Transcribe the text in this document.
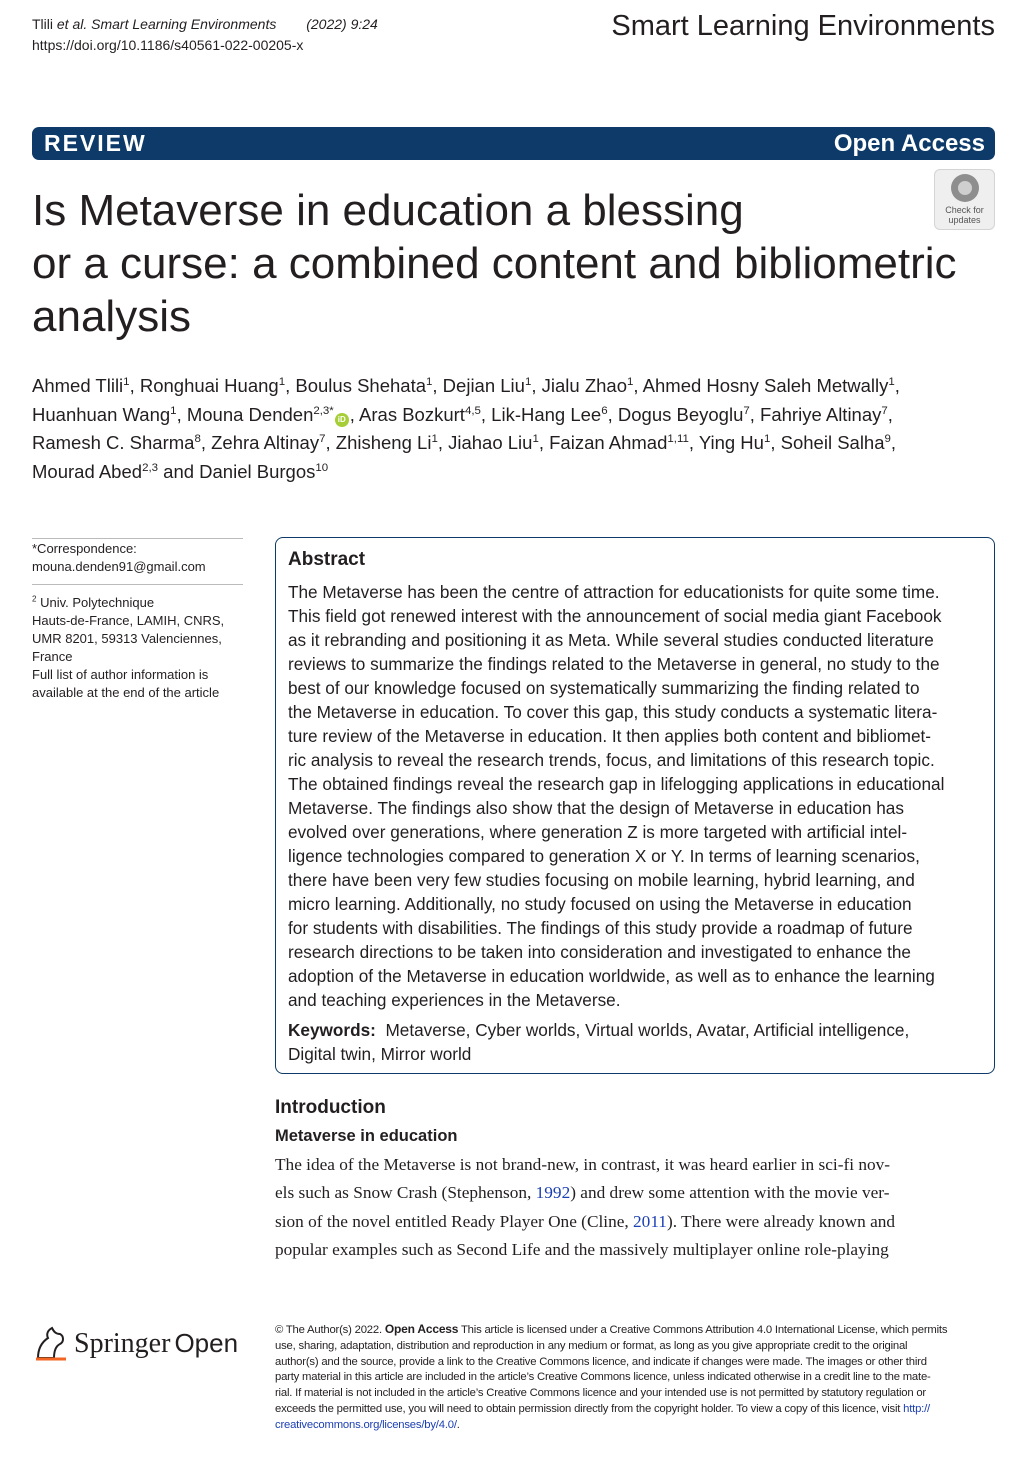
Tlili et al. Smart Learning Environments (2022) 9:24
https://doi.org/10.1186/s40561-022-00205-x
Smart Learning Environments
REVIEW	Open Access
Is Metaverse in education a blessing
or a curse: a combined content and bibliometric
analysis
Check for
updates
Ahmed Tlili$^1$, Ronghuai Huang$^1$, Boulus Shehata$^1$, Dejian Liu$^1$, Jialu Zhao$^1$, Ahmed Hosny Saleh Metwally$^1$,
Huanhuan Wang$^1$, Mouna Denden$^{2,3*}$iD , Aras Bozkurt$^{4,5}$, Lik-Hang Lee$^6$, Dogus Beyoglu$^7$, Fahriye Altinay$^7$,
Ramesh C. Sharma$^8$, Zehra Altinay$^7$, Zhisheng Li$^1$, Jiahao Liu$^1$, Faizan Ahmad$^{1,11}$, Ying Hu$^1$, Soheil Salha$^9$,
Mourad Abed$^{2,3}$ and Daniel Burgos$^{10}$
*Correspondence:
mouna.denden91@gmail.com
$^2$ Univ. Polytechnique
Hauts-de-France, LAMIH, CNRS,
UMR 8201, 59313 Valenciennes,
France
Full list of author information is
available at the end of the article
Abstract
The Metaverse has been the centre of attraction for educationists for quite some time.
This field got renewed interest with the announcement of social media giant Facebook
as it rebranding and positioning it as Meta. While several studies conducted literature
reviews to summarize the findings related to the Metaverse in general, no study to the
best of our knowledge focused on systematically summarizing the finding related to
the Metaverse in education. To cover this gap, this study conducts a systematic litera-
ture review of the Metaverse in education. It then applies both content and bibliomet-
ric analysis to reveal the research trends, focus, and limitations of this research topic.
The obtained findings reveal the research gap in lifelogging applications in educational
Metaverse. The findings also show that the design of Metaverse in education has
evolved over generations, where generation Z is more targeted with artificial intel-
ligence technologies compared to generation X or Y. In terms of learning scenarios,
there have been very few studies focusing on mobile learning, hybrid learning, and
micro learning. Additionally, no study focused on using the Metaverse in education
for students with disabilities. The findings of this study provide a roadmap of future
research directions to be taken into consideration and investigated to enhance the
adoption of the Metaverse in education worldwide, as well as to enhance the learning
and teaching experiences in the Metaverse.
Keywords: Metaverse, Cyber worlds, Virtual worlds, Avatar, Artificial intelligence,
Digital twin, Mirror world
Introduction
Metaverse in education
The idea of the Metaverse is not brand-new, in contrast, it was heard earlier in sci-fi nov-
els such as Snow Crash (Stephenson, 1992) and drew some attention with the movie ver-
sion of the novel entitled Ready Player One (Cline, 2011). There were already known and
popular examples such as Second Life and the massively multiplayer online role-playing
Springer Open	© The Author(s) 2022. Open Access This article is licensed under a Creative Commons Attribution 4.0 International License, which permits
use, sharing, adaptation, distribution and reproduction in any medium or format, as long as you give appropriate credit to the original
author(s) and the source, provide a link to the Creative Commons licence, and indicate if changes were made. The images or other third
party material in this article are included in the article’s Creative Commons licence, unless indicated otherwise in a credit line to the mate-
rial. If material is not included in the article’s Creative Commons licence and your intended use is not permitted by statutory regulation or
exceeds the permitted use, you will need to obtain permission directly from the copyright holder. To view a copy of this licence, visit http://
creativecommons.org/licenses/by/4.0/.
